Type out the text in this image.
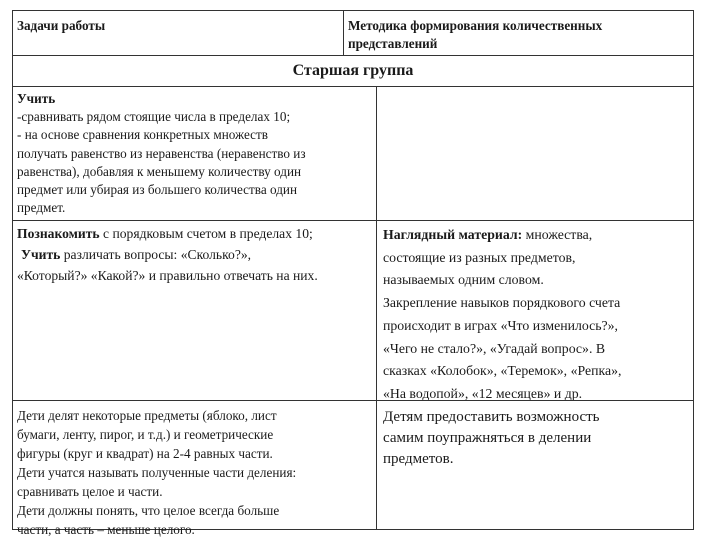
Задачи работы	Методика формирования количественных представлений
Старшая группа

Учить

-сравнивать рядом стоящие числа в пределах 10;

- на основе сравнения конкретных множеств

получать равенство из неравенства (неравенство из

равенства), добавляя к меньшему количеству один

предмет или убирая из большего количества один

предмет.

Познакомить с порядковым счетом в пределах 10;

Учить различать вопросы: «Сколько?»,

«Который?» «Какой?» и правильно отвечать на них.

Наглядный материал: множества,

состоящие из разных предметов,

называемых одним словом.

Закрепление навыков порядкового счета

происходит в играх «Что изменилось?»,

«Чего не стало?», «Угадай вопрос». В

сказках «Колобок», «Теремок», «Репка»,

«На водопой», «12 месяцев» и др.

Дети делят некоторые предметы (яблоко, лист

бумаги, ленту, пирог, и т.д.) и геометрические

фигуры (круг и квадрат) на 2-4 равных части.

Дети учатся называть полученные части деления:

сравнивать целое и части.

Дети должны понять, что целое всегда больше

части, а часть – меньше целого.

Детям предоставить возможность

самим поупражняться в делении

предметов.
